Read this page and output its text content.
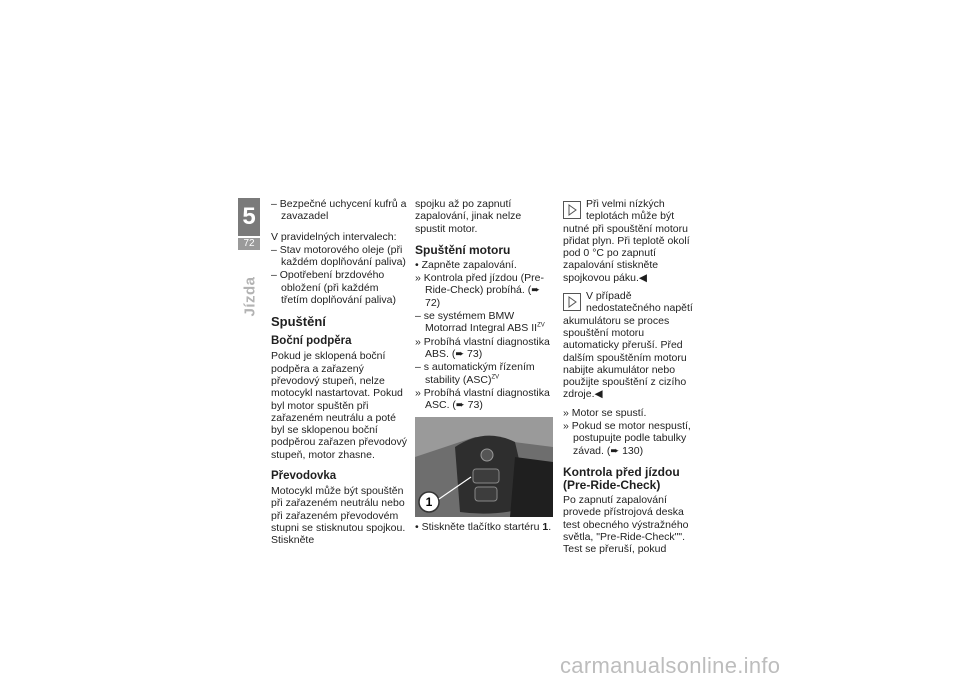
5
72
Jízda
– Bezpečné uchycení kufrů a zavazadel

V pravidelných intervalech:

– Stav motorového oleje (při každém doplňování paliva)
– Opotřebení brzdového obložení (při každém třetím doplňování paliva)
Spuštění
Boční podpěra

Pokud je sklopená boční podpěra a zařazený převodový stupeň, nelze motocykl nastartovat. Pokud byl motor spuštěn při zařazeném neutrálu a poté byl se sklopenou boční podpěrou zařazen převodový stupeň, motor zhasne.

Převodovka

Motocykl může být spouštěn při zařazeném neutrálu nebo při zařazeném převodovém stupni se stisknutou spojkou. Stiskněte

spojku až po zapnutí zapalování, jinak nelze spustit motor.

Spuštění motoru
• Zapněte zapalování.
» Kontrola před jízdou (Pre-Ride-Check) probíhá. (➨ 72)
– se systémem BMW Motorrad Integral ABS $II^{ZV}$
» Probíhá vlastní diagnostika ABS. (➨ 73)
– s automatickým řízením stability (ASC)$^{ZV}$
» Probíhá vlastní diagnostika ASC. (➨ 73)
1
• Stiskněte tlačítko startéru 1.
Při velmi nízkých teplotách může být nutné při spouštění motoru přidat plyn. Při teplotě okolí pod 0 °C po zapnutí zapalování stiskněte spojkovou páku.◀
V případě nedostatečného napětí akumulátoru se proces spouštění motoru automaticky přeruší. Před dalším spouštěním motoru nabijte akumulátor nebo použijte spouštění z cizího zdroje.◀
» Motor se spustí.
» Pokud se motor nespustí, postupujte podle tabulky závad. (➨ 130)
Kontrola před jízdou (Pre-Ride-Check)

Po zapnutí zapalování provede přístrojová deska test obecného výstražného světla, "Pre-Ride-Check"". Test se přeruší, pokud

carmanualsonline.info
